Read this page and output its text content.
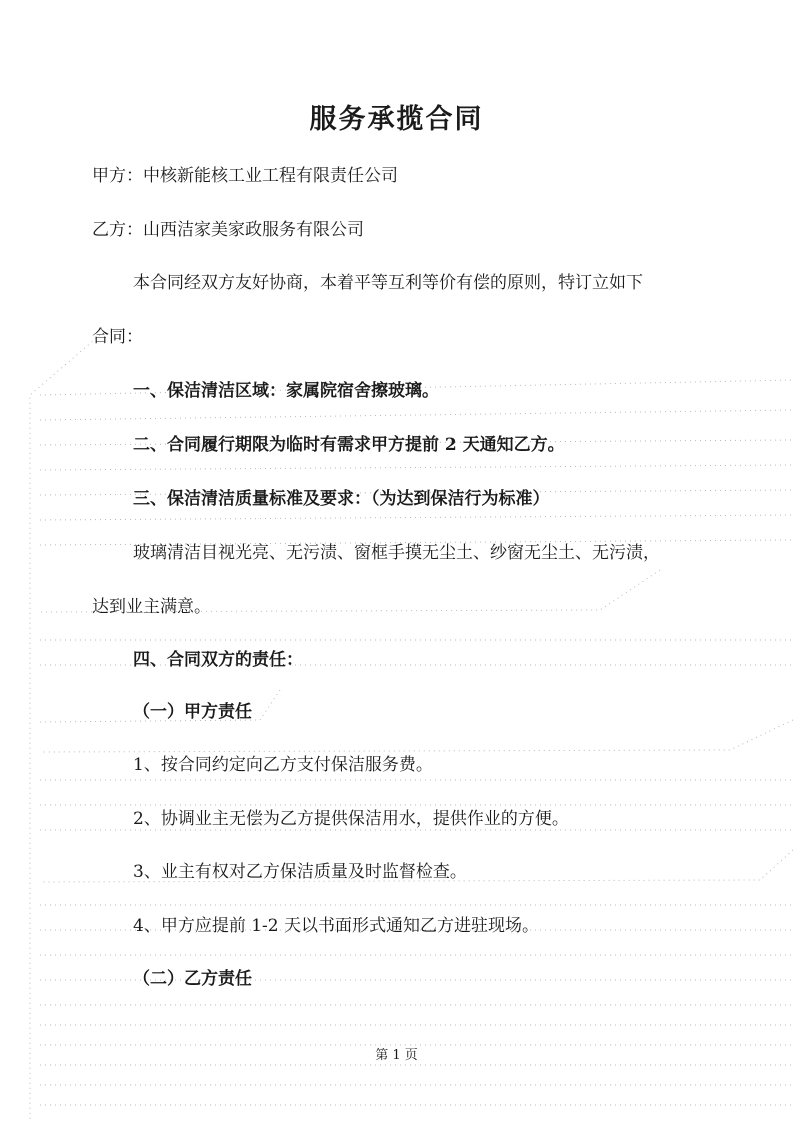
服务承揽合同
甲方：中核新能核工业工程有限责任公司
乙方：山西洁家美家政服务有限公司
本合同经双方友好协商，本着平等互利等价有偿的原则，特订立如下
合同：
一、保洁清洁区域：家属院宿舍擦玻璃。
二、合同履行期限为临时有需求甲方提前 2 天通知乙方。
三、保洁清洁质量标准及要求：（为达到保洁行为标准）
玻璃清洁目视光亮、无污渍、窗框手摸无尘土、纱窗无尘土、无污渍，
达到业主满意。
四、合同双方的责任：
（一）甲方责任
1、按合同约定向乙方支付保洁服务费。
2、协调业主无偿为乙方提供保洁用水，提供作业的方便。
3、业主有权对乙方保洁质量及时监督检查。
4、甲方应提前 1-2 天以书面形式通知乙方进驻现场。
（二）乙方责任
第 1 页
